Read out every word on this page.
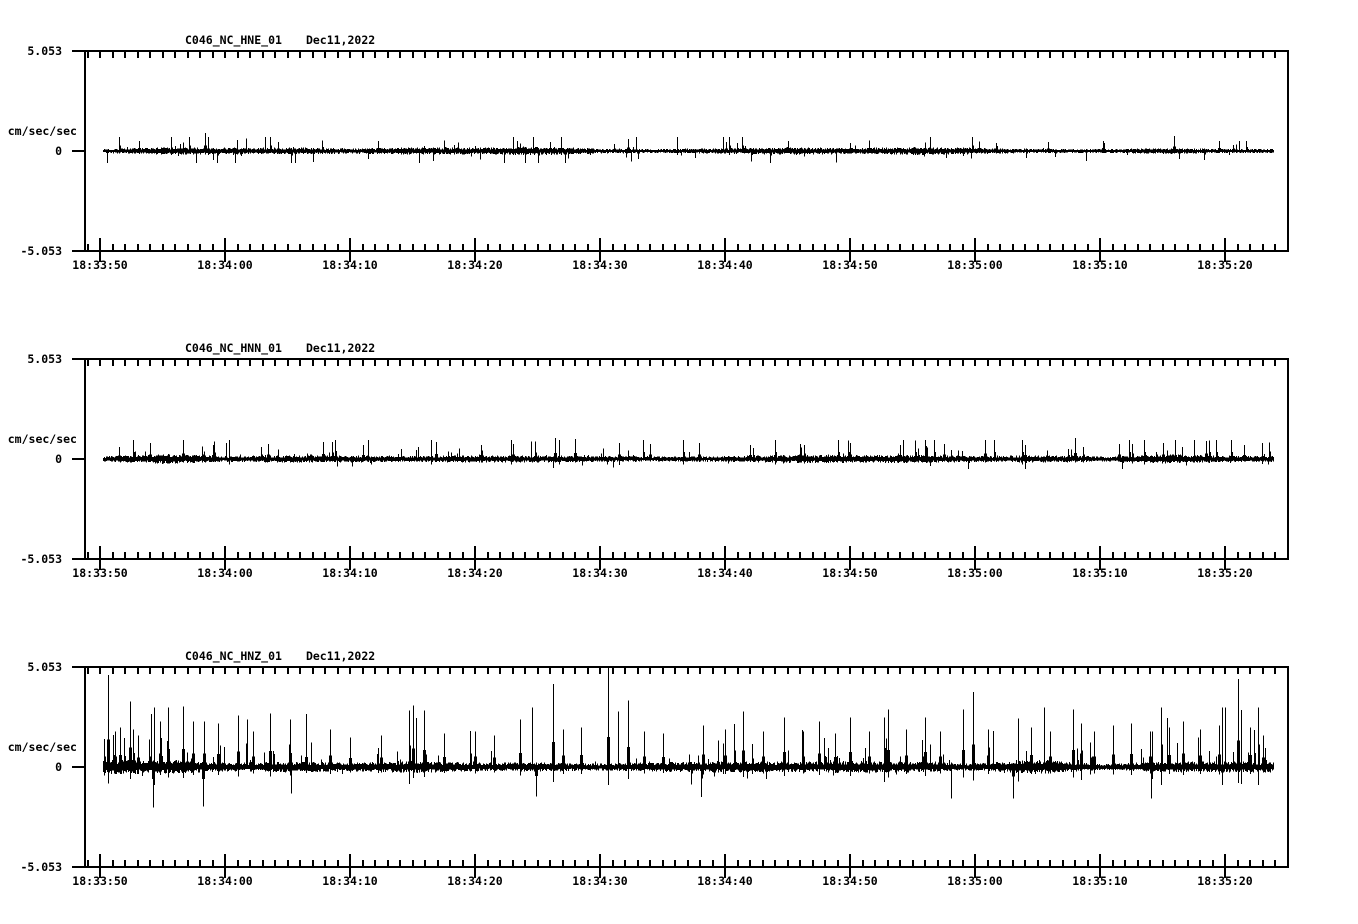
C046_NC_HNE_01 Dec11,2022
5.053
cm/sec/sec
0
-5.053
18:33:50	18:34:00	18:34:10	18:34:20	18:34:30	18:34:40	18:34:50	18:35:00	18:35:10	18:35:20
C046_NC_HNN_01 Dec11,2022
5.053
cm/sec/sec
0
-5.053
18:33:50	18:34:00	18:34:10	18:34:20	18:34:30	18:34:40	18:34:50	18:35:00	18:35:10	18:35:20
C046_NC_HNZ_01 Dec11,2022
5.053
cm/sec/sec
0
-5.053
18:33:50	18:34:00	18:34:10	18:34:20	18:34:30	18:34:40	18:34:50	18:35:00	18:35:10	18:35:20
